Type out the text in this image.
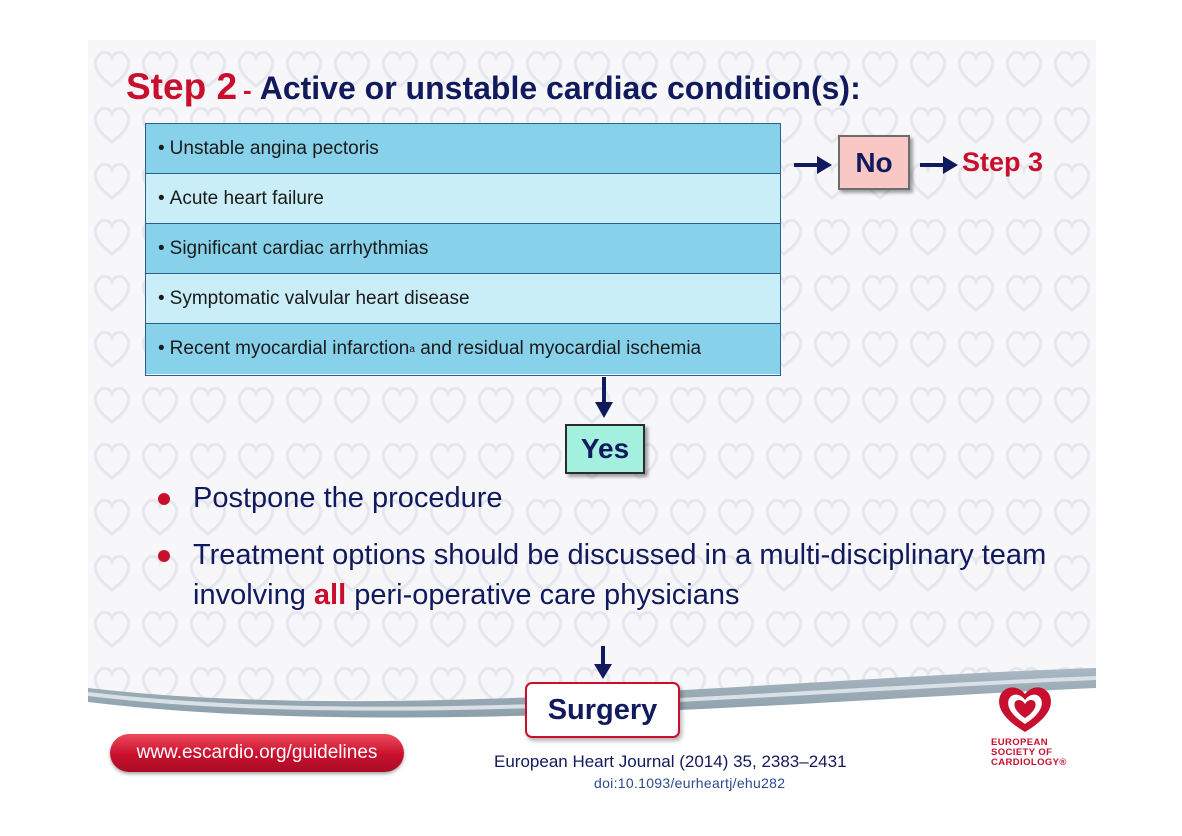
Step 2 - Active or unstable cardiac condition(s):
• Unstable angina pectoris
• Acute heart failure
• Significant cardiac arrhythmias
• Symptomatic valvular heart disease
• Recent myocardial infarction a
and residual myocardial ischemia
No	Step 3
Yes
Postpone the procedure
Treatment options should be discussed in a multi-disciplinary team involving all peri-operative care physicians
Surgery
www.escardio.org/guidelines	European Heart Journal (2014) 35, 2383–2431
doi:10.1093/eurheartj/ehu282
EUROPEAN
SOCIETY OF
CARDIOLOGY®
